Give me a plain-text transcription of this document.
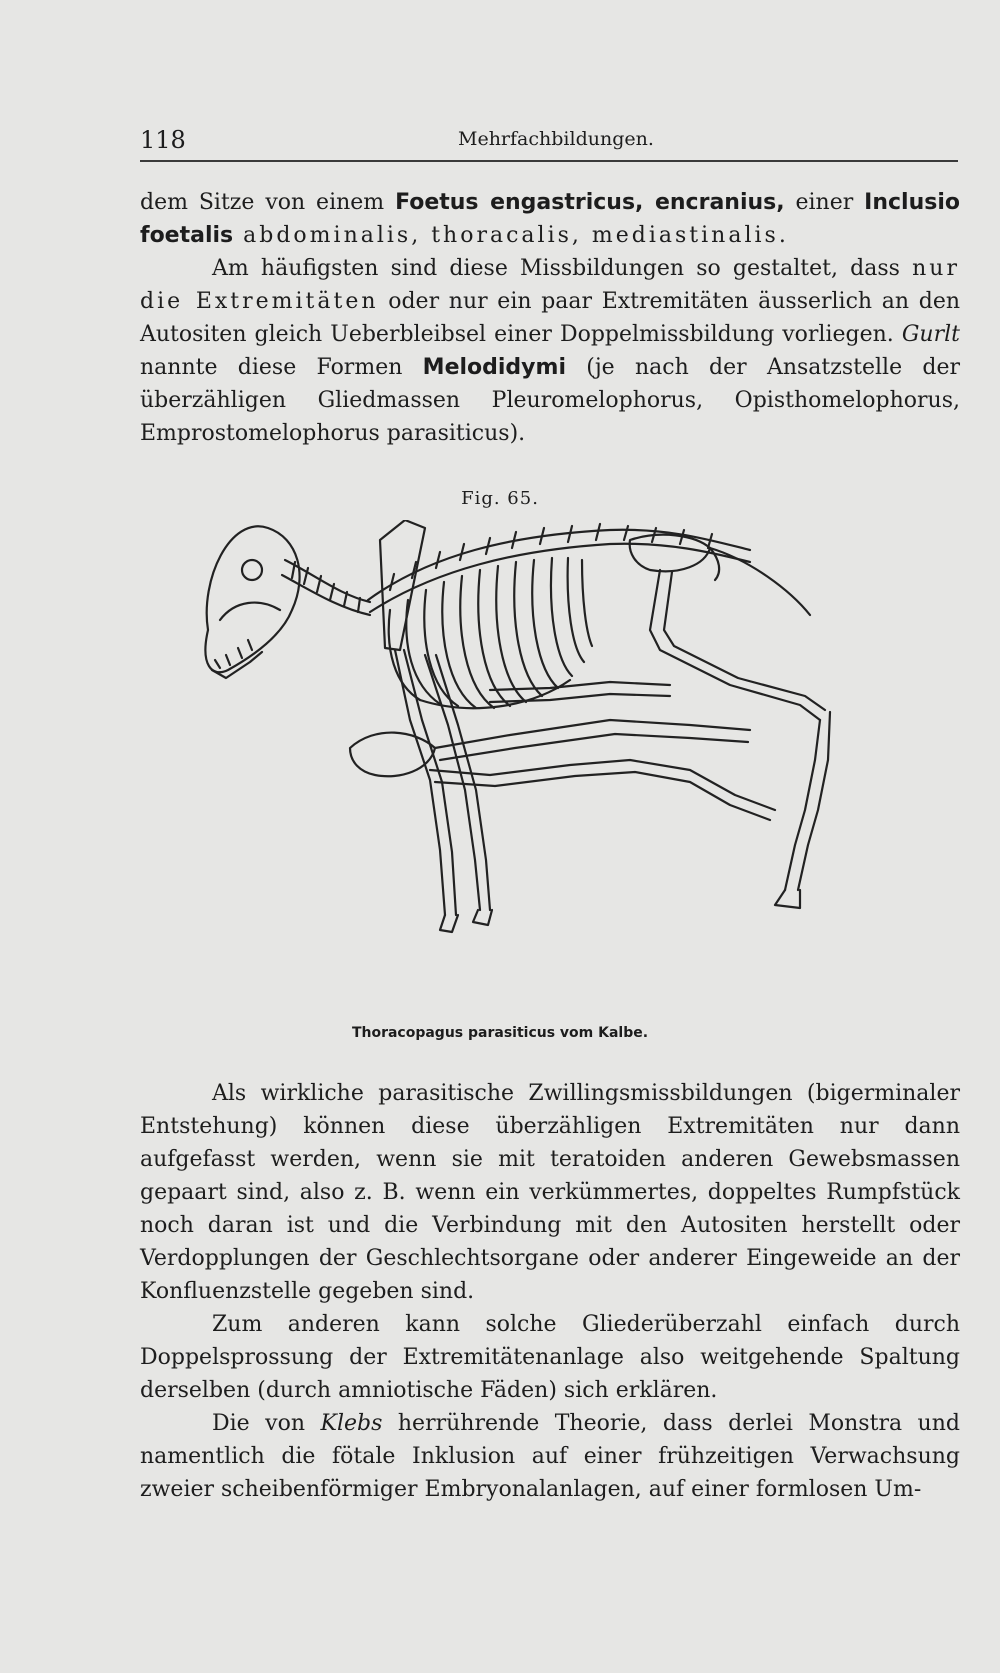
118	Mehrfachbildungen.

dem Sitze von einem Foetus engastricus, encranius, einer Inclusio foetalis abdominalis, thoracalis, mediastinalis.

Am häufigsten sind diese Missbildungen so gestaltet, dass nur die Extremitäten oder nur ein paar Extremitäten äusserlich an den Autositen gleich Ueberbleibsel einer Doppelmissbildung vorliegen. Gurlt nannte diese Formen Melodidymi (je nach der Ansatzstelle der überzähligen Gliedmassen Pleuromelophorus, Opisthomelophorus, Emprostomelophorus parasiticus).

Fig. 65.
Thoracopagus parasiticus vom Kalbe.

Als wirkliche parasitische Zwillingsmissbildungen (bigerminaler Entstehung) können diese überzähligen Extremitäten nur dann aufgefasst werden, wenn sie mit teratoiden anderen Gewebsmassen gepaart sind, also z. B. wenn ein verkümmertes, doppeltes Rumpfstück noch daran ist und die Verbindung mit den Autositen herstellt oder Verdopplungen der Geschlechtsorgane oder anderer Eingeweide an der Konfluenzstelle gegeben sind.

Zum anderen kann solche Gliederüberzahl einfach durch Doppelsprossung der Extremitätenanlage also weitgehende Spaltung derselben (durch amniotische Fäden) sich erklären.

Die von Klebs herrührende Theorie, dass derlei Monstra und namentlich die fötale Inklusion auf einer frühzeitigen Verwachsung zweier scheibenförmiger Embryonalanlagen, auf einer formlosen Um-
